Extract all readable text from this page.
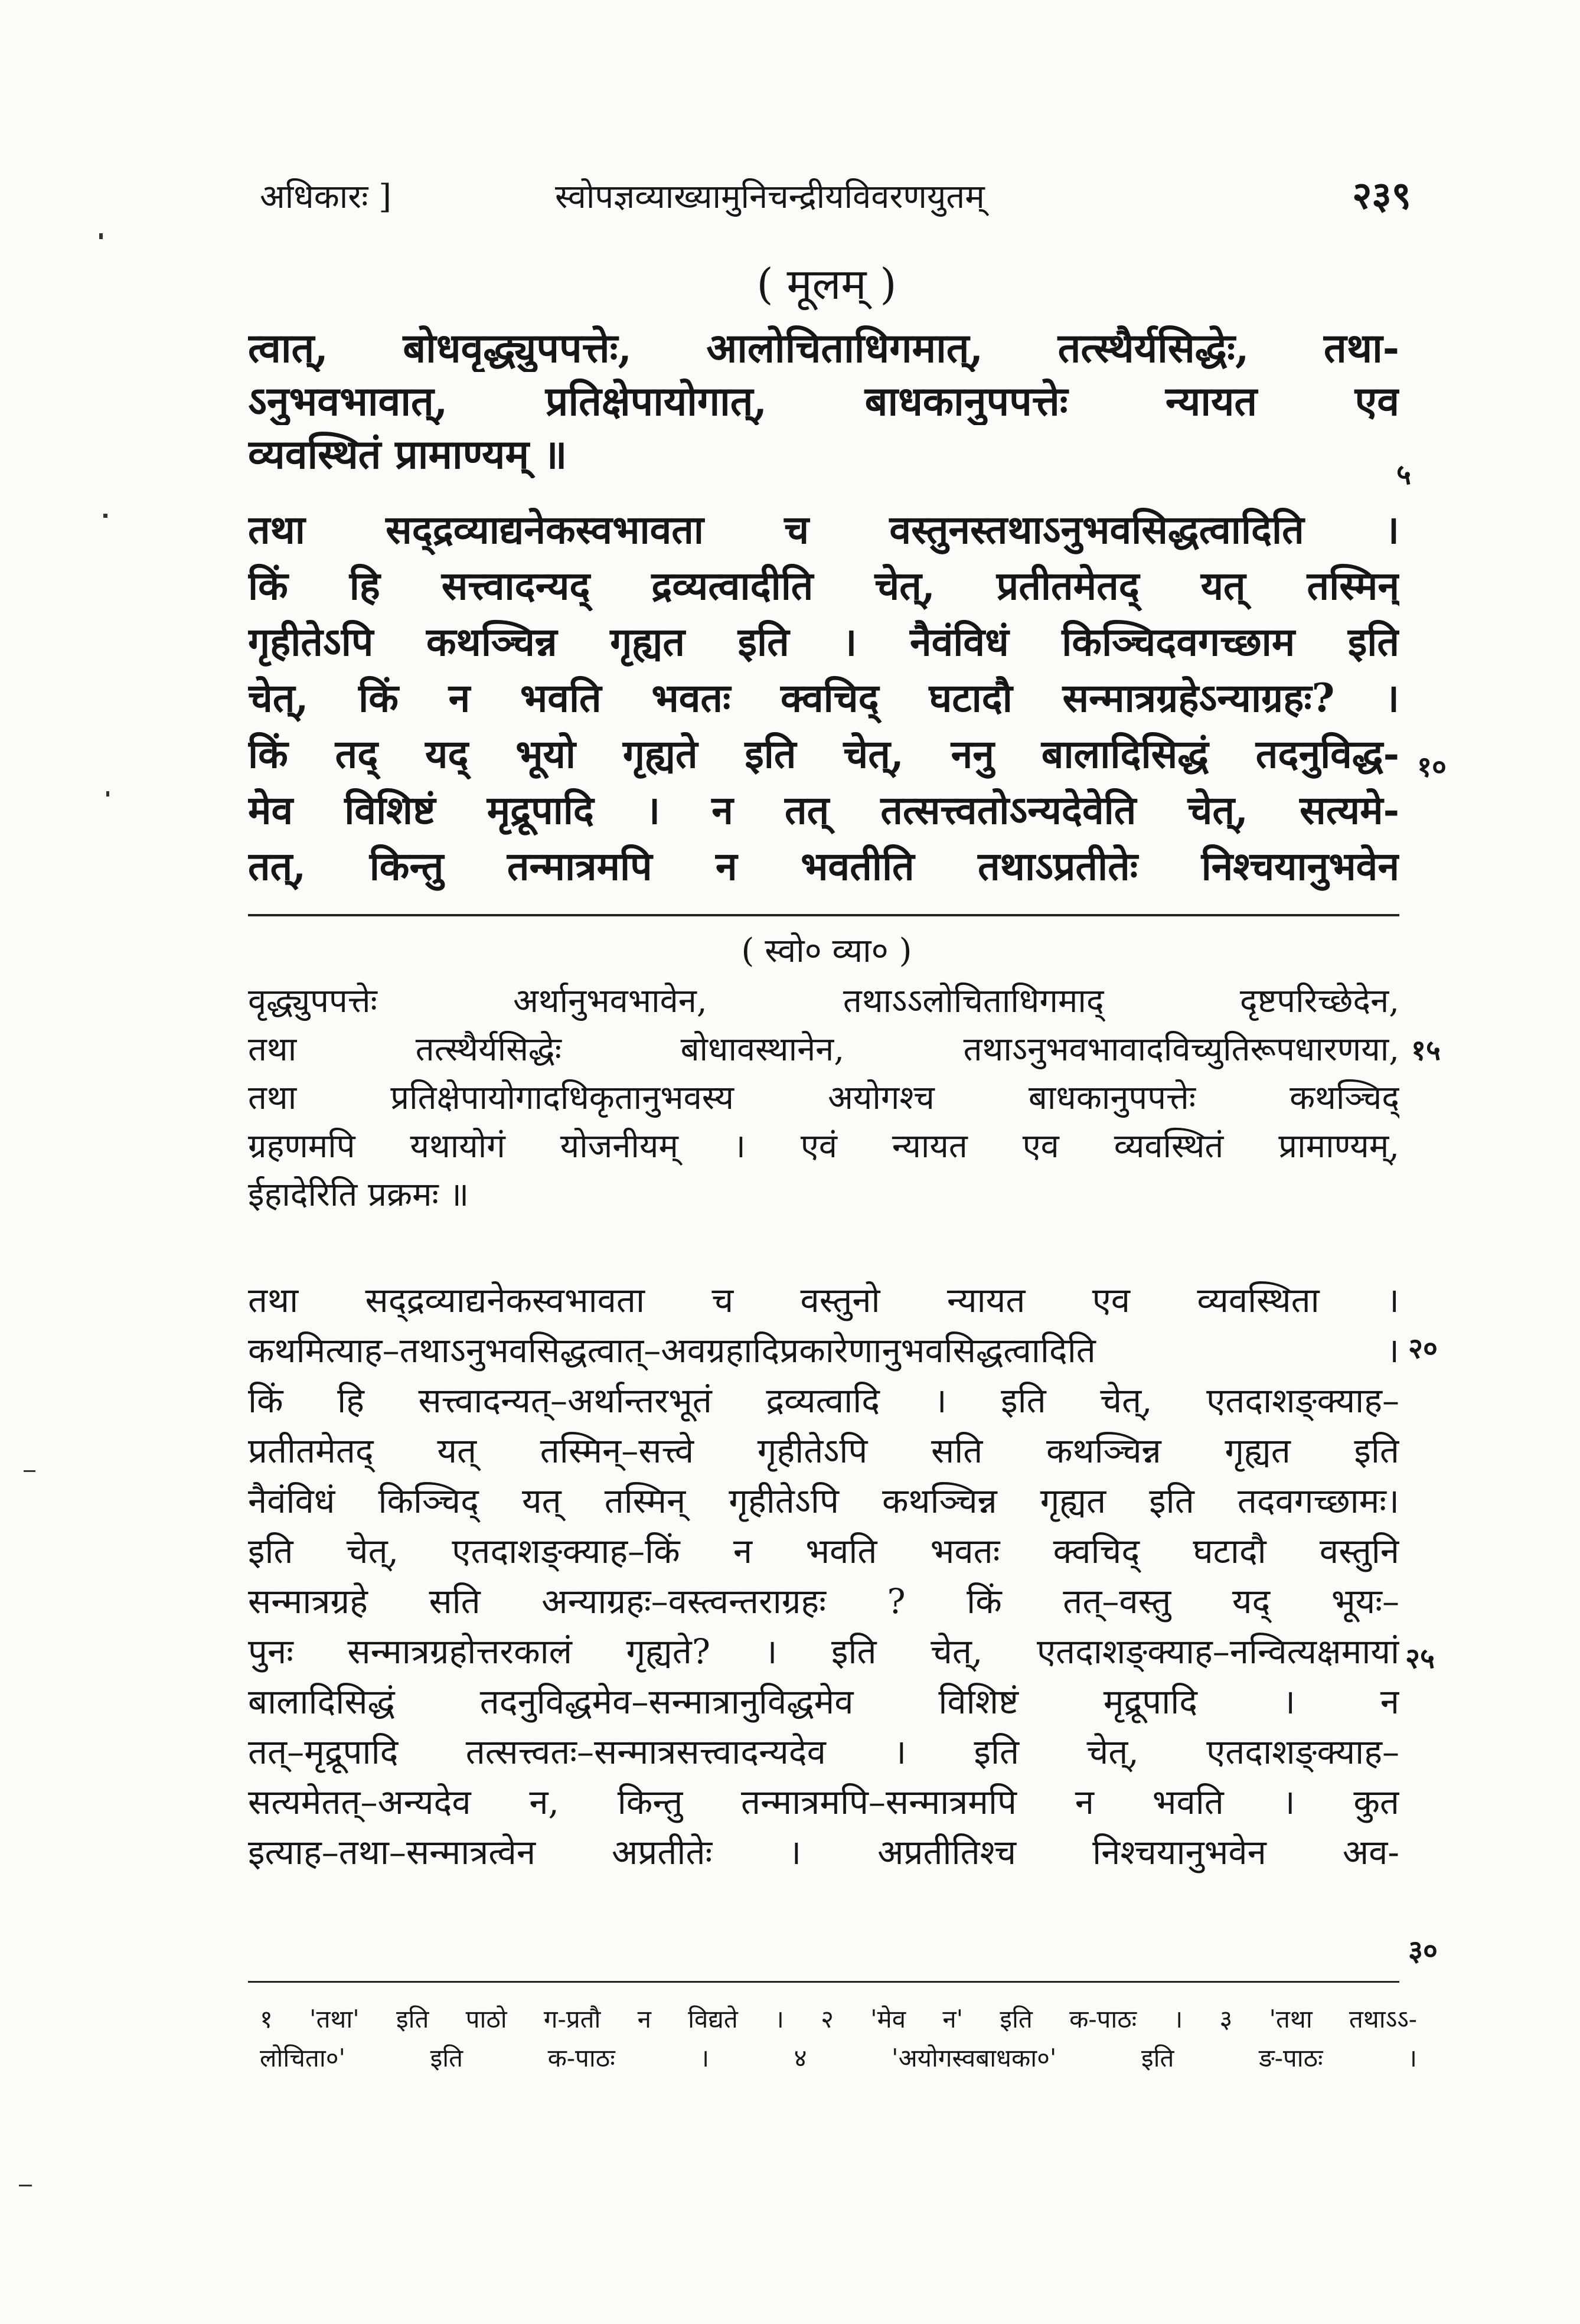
अधिकारः ]	स्वोपज्ञव्याख्यामुनिचन्द्रीयविवरणयुतम्	२३९
( मूलम् )
त्वात्, बोधवृद्ध्युपपत्तेः, आलोचिताधिगमात्, तत्स्थैर्यसिद्धेः, तथा-
ऽनुभवभावात्, प्रतिक्षेपायोगात्, बाधकानुपपत्तेः न्यायत एव
व्यवस्थितं प्रामाण्यम् ॥
तथा सद्द्रव्याद्यनेकस्वभावता च वस्तुनस्तथाऽनुभवसिद्धत्वादिति ।
किं हि सत्त्वादन्यद् द्रव्यत्वादीति चेत्, प्रतीतमेतद् यत् तस्मिन्
गृहीतेऽपि कथञ्चिन्न गृह्यत इति । नैवंविधं किञ्चिदवगच्छाम इति
चेत्, किं न भवति भवतः क्वचिद् घटादौ सन्मात्रग्रहेऽन्याग्रहः? ।
किं तद् यद् भूयो गृह्यते इति चेत्, ननु बालादिसिद्धं तदनुविद्ध-
मेव विशिष्टं मृद्रूपादि । न तत् तत्सत्त्वतोऽन्यदेवेति चेत्, सत्यमे-
तत्, किन्तु तन्मात्रमपि न भवतीति तथाऽप्रतीतेः निश्चयानुभवेन
( स्वो० व्या० )
वृद्ध्युपपत्तेः अर्थानुभवभावेन, तथाऽऽलोचिताधिगमाद् दृष्टपरिच्छेदेन,
तथा तत्स्थैर्यसिद्धेः बोधावस्थानेन, तथाऽनुभवभावादविच्युतिरूपधारणया,
तथा प्रतिक्षेपायोगादधिकृतानुभवस्य अयोगश्च बाधकानुपपत्तेः कथञ्चिद्
ग्रहणमपि यथायोगं योजनीयम् । एवं न्यायत एव व्यवस्थितं प्रामाण्यम्,
ईहादेरिति प्रक्रमः ॥
तथा सद्द्रव्याद्यनेकस्वभावता च वस्तुनो न्यायत एव व्यवस्थिता ।
कथमित्याह–तथाऽनुभवसिद्धत्वात्–अवग्रहादिप्रकारेणानुभवसिद्धत्वादिति ।
किं हि सत्त्वादन्यत्–अर्थान्तरभूतं द्रव्यत्वादि । इति चेत्, एतदाशङ्क्याह–
प्रतीतमेतद् यत् तस्मिन्–सत्त्वे गृहीतेऽपि सति कथञ्चिन्न गृह्यत इति
नैवंविधं किञ्चिद् यत् तस्मिन् गृहीतेऽपि कथञ्चिन्न गृह्यत इति तदवगच्छामः।
इति चेत्, एतदाशङ्क्याह–किं न भवति भवतः क्वचिद् घटादौ वस्तुनि
सन्मात्रग्रहे सति अन्याग्रहः–वस्त्वन्तराग्रहः ? किं तत्–वस्तु यद् भूयः–
पुनः सन्मात्रग्रहोत्तरकालं गृह्यते? । इति चेत्, एतदाशङ्क्याह–नन्वित्यक्षमायां
बालादिसिद्धं तदनुविद्धमेव–सन्मात्रानुविद्धमेव विशिष्टं मृद्रूपादि । न
तत्–मृद्रूपादि तत्सत्त्वतः–सन्मात्रसत्त्वादन्यदेव । इति चेत्, एतदाशङ्क्याह–
सत्यमेतत्–अन्यदेव न, किन्तु तन्मात्रमपि–सन्मात्रमपि न भवति । कुत
इत्याह–तथा–सन्मात्रत्वेन अप्रतीतेः । अप्रतीतिश्च निश्चयानुभवेन अव-
१ 'तथा' इति पाठो ग-प्रतौ न विद्यते । २ 'मेव न' इति क-पाठः । ३ 'तथा तथाऽऽ-
लोचिता०' इति क-पाठः । ४ 'अयोगस्वबाधका०' इति ङ-पाठः ।
५
१०
१५
२०
२५
३०
